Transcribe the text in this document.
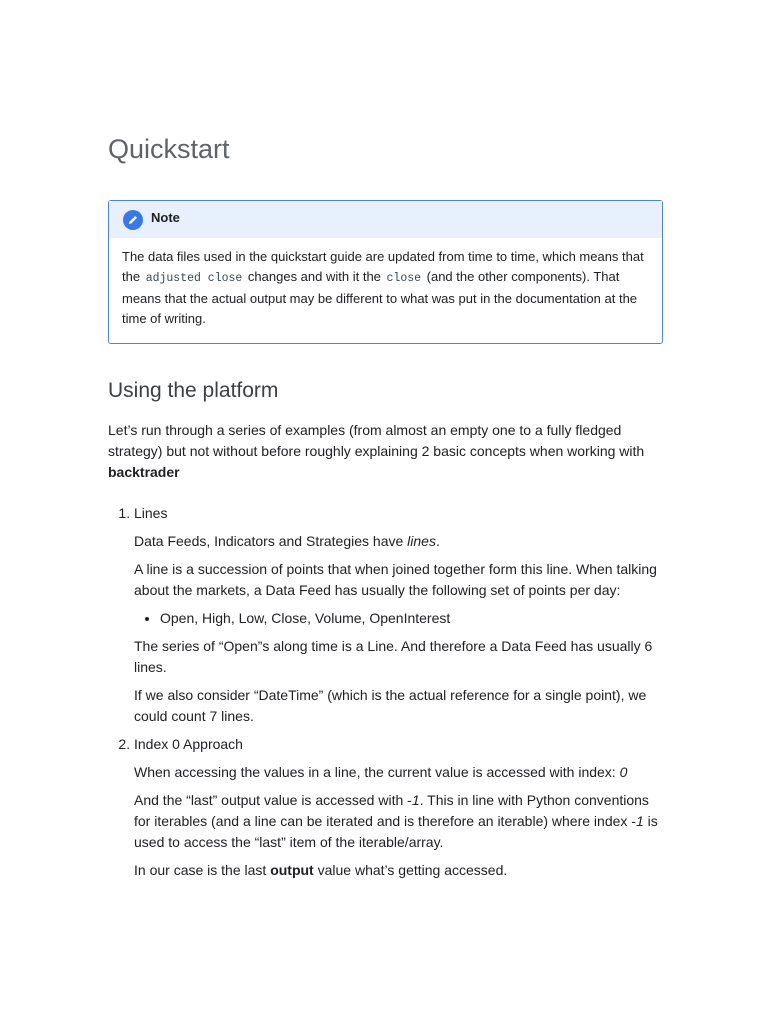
Quickstart
Note
The data files used in the quickstart guide are updated from time to time, which means that the adjusted close changes and with it the close (and the other components). That means that the actual output may be different to what was put in the documentation at the time of writing.
Using the platform

Let’s run through a series of examples (from almost an empty one to a fully fledged strategy) but not without before roughly explaining 2 basic concepts when working with backtrader

1. Lines

Data Feeds, Indicators and Strategies have lines.

A line is a succession of points that when joined together form this line. When talking about the markets, a Data Feed has usually the following set of points per day:

• Open, High, Low, Close, Volume, OpenInterest

The series of “Open”s along time is a Line. And therefore a Data Feed has usually 6 lines.

If we also consider “DateTime” (which is the actual reference for a single point), we could count 7 lines.

2. Index 0 Approach

When accessing the values in a line, the current value is accessed with index: 0

And the “last” output value is accessed with -1. This in line with Python conventions for iterables (and a line can be iterated and is therefore an iterable) where index -1 is used to access the “last” item of the iterable/array.

In our case is the last output value what’s getting accessed.
